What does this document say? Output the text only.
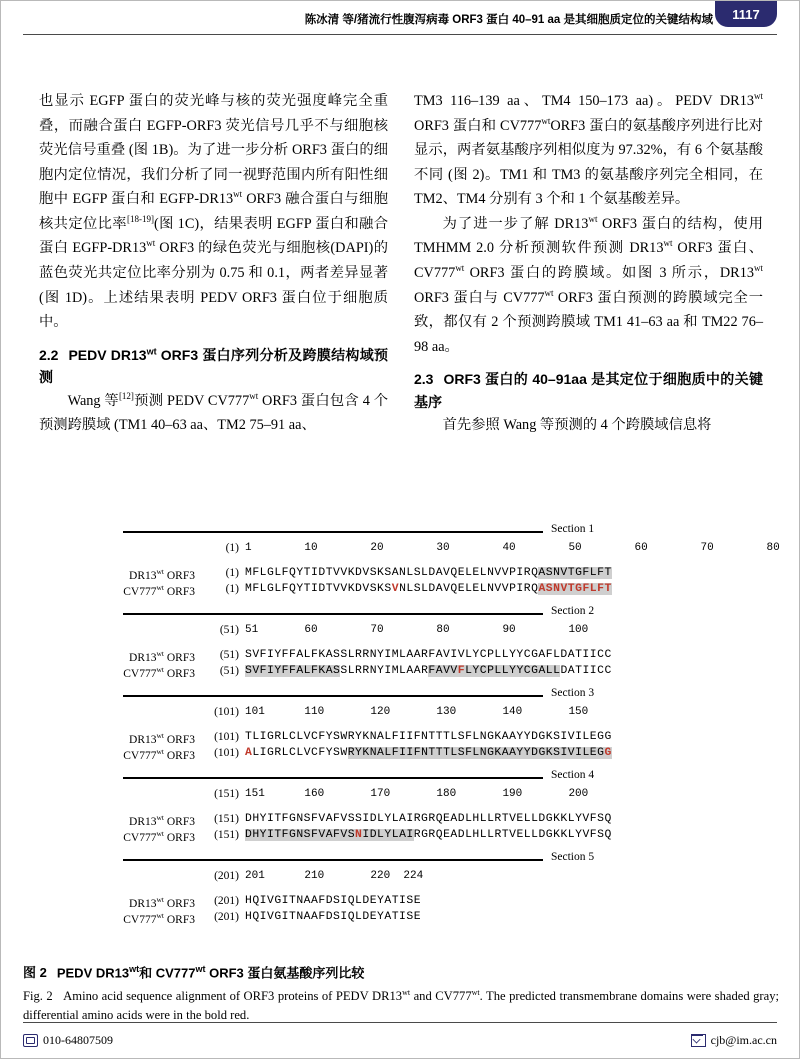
陈冰清 等/猪流行性腹泻病毒 ORF3 蛋白 40–91 aa 是其细胞质定位的关键结构域	1117

也显示 EGFP 蛋白的荧光峰与核的荧光强度峰完全重叠，而融合蛋白 EGFP-ORF3 荧光信号几乎不与细胞核荧光信号重叠 (图 1B)。为了进一步分析 ORF3 蛋白的细胞内定位情况，我们分析了同一视野范围内所有阳性细胞中 EGFP 蛋白和 EGFP-$DR13^{wt}$ ORF3 融合蛋白与细胞核共定位比率[18-19](图 1C)，结果表明 EGFP 蛋白和融合蛋白 EGFP-$DR13^{wt}$ ORF3 的绿色荧光与细胞核(DAPI)的蓝色荧光共定位比率分别为 0.75 和 0.1，两者差异显著 (图 1D)。上述结果表明 PEDV ORF3 蛋白位于细胞质中。

2.2 PEDV $DR13^{wt}$ ORF3 蛋白序列分析及跨膜结构域预测

Wang 等[12]预测 PEDV $CV777^{wt}$ ORF3 蛋白包含 4 个预测跨膜域 (TM1 40–63 aa、TM2 75–91 aa、

TM3 116–139 aa、TM4 150–173 aa)。PEDV $DR13^{wt}$ ORF3 蛋白和 $CV777^{wt}ORF3$ 蛋白的氨基酸序列进行比对显示，两者氨基酸序列相似度为 97.32%，有 6 个氨基酸不同 (图 2)。TM1 和 TM3 的氨基酸序列完全相同，在 TM2、TM4 分别有 3 个和 1 个氨基酸差异。

为了进一步了解 $DR13^{wt}$ ORF3 蛋白的结构，使用 TMHMM 2.0 分析预测软件预测 $DR13^{wt}$ ORF3 蛋白、$CV777^{wt}$ ORF3 蛋白的跨膜域。如图 3 所示，$DR13^{wt}$ ORF3 蛋白与 $CV777^{wt}$ ORF3 蛋白预测的跨膜域完全一致，都仅有 2 个预测跨膜域 TM1 41–63 aa 和 TM22 76–98 aa。

2.3 ORF3 蛋白的 40–91aa 是其定位于细胞质中的关键基序

首先参照 Wang 等预测的 4 个跨膜域信息将

Section 1
(1) 1        10        20        30        40        50        60        70        80
$DR13^{wt}$ ORF3	(1) MFLGLFQYTIDTVVKDVSKSANLSLDAVQELELNVVPIRQASNVTGFLFT
$CV777^{wt}$ ORF3	(1) MFLGLFQYTIDTVVKDVSKSVNLSLDAVQELELNVVPIRQASNVTGFLFT
Section 2
(51) 51       60        70        80        90        100
$DR13^{wt}$ ORF3	(51) SVFIYFFALFKASSLRRNYIMLAARFAVIVLYCPLLYYCGAFLDATIICC
$CV777^{wt}$ ORF3	(51) SVFIYFFALFKASSLRRNYIMLAARFAVVFLYCPLLYYCGALLDATIICC
Section 3
(101) 101      110       120       130       140       150
$DR13^{wt}$ ORF3	(101) TLIGRLCLVCFYSWRYKNALFIIFNTTTLSFLNGKAAYYDGKSIVILEGG
$CV777^{wt}$ ORF3	(101) ALIGRLCLVCFYSWRYKNALFIIFNTTTLSFLNGKAAYYDGKSIVILEGG
Section 4
(151) 151      160       170       180       190       200
$DR13^{wt}$ ORF3	(151) DHYITFGNSFVAFVSSIDLYLAIRGRQEADLHLLRTVELLDGKKLYVFSQ
$CV777^{wt}$ ORF3	(151) DHYITFGNSFVAFVSNIDLYLAIRGRQEADLHLLRTVELLDGKKLYVFSQ
Section 5
(201) 201      210       220  224
$DR13^{wt}$ ORF3	(201) HQIVGITNAAFDSIQLDEYATISE
$CV777^{wt}$ ORF3	(201) HQIVGITNAAFDSIQLDEYATISE
图 2 PEDV $DR13^{wt}$和 $CV777^{wt}$ ORF3 蛋白氨基酸序列比较
Fig. 2   Amino acid sequence alignment of ORF3 proteins of PEDV $DR13^{wt}$ and $CV777^{wt}$. The predicted transmembrane domains were shaded gray; differential amino acids were in the bold red.
010-64807509	cjb@im.ac.cn
